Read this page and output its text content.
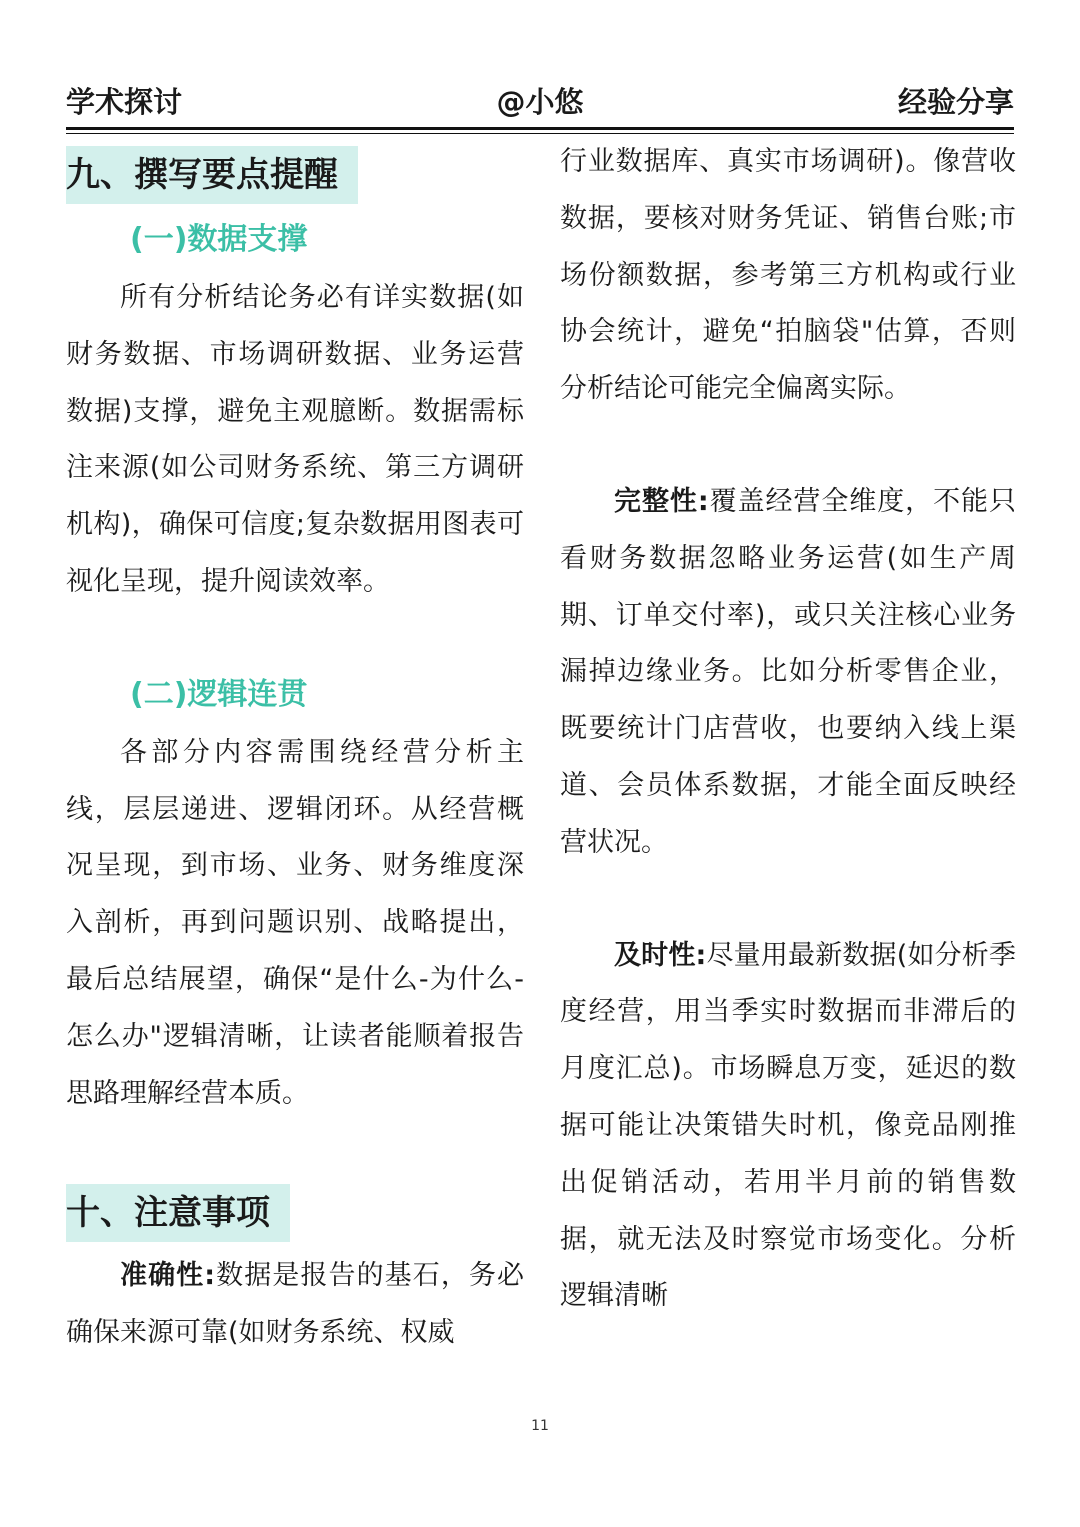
学术探讨	@小悠	经验分享
九、撰写要点提醒
(一)数据支撑

所有分析结论务必有详实数据(如财务数据、市场调研数据、业务运营数据)支撑，避免主观臆断。数据需标注来源(如公司财务系统、第三方调研机构)，确保可信度;复杂数据用图表可视化呈现，提升阅读效率。

(二)逻辑连贯

各部分内容需围绕经营分析主线，层层递进、逻辑闭环。从经营概况呈现，到市场、业务、财务维度深入剖析，再到问题识别、战略提出，最后总结展望，确保“是什么-为什么-怎么办"逻辑清晰，让读者能顺着报告思路理解经营本质。

十、注意事项

准确性:数据是报告的基石，务必确保来源可靠(如财务系统、权威

行业数据库、真实市场调研)。像营收数据，要核对财务凭证、销售台账;市场份额数据，参考第三方机构或行业协会统计，避免“拍脑袋"估算，否则分析结论可能完全偏离实际。

完整性:覆盖经营全维度，不能只看财务数据忽略业务运营(如生产周期、订单交付率)，或只关注核心业务漏掉边缘业务。比如分析零售企业，既要统计门店营收，也要纳入线上渠道、会员体系数据，才能全面反映经营状况。

及时性:尽量用最新数据(如分析季度经营，用当季实时数据而非滞后的月度汇总)。市场瞬息万变，延迟的数据可能让决策错失时机，像竞品刚推出促销活动，若用半月前的销售数据，就无法及时察觉市场变化。分析逻辑清晰

11
